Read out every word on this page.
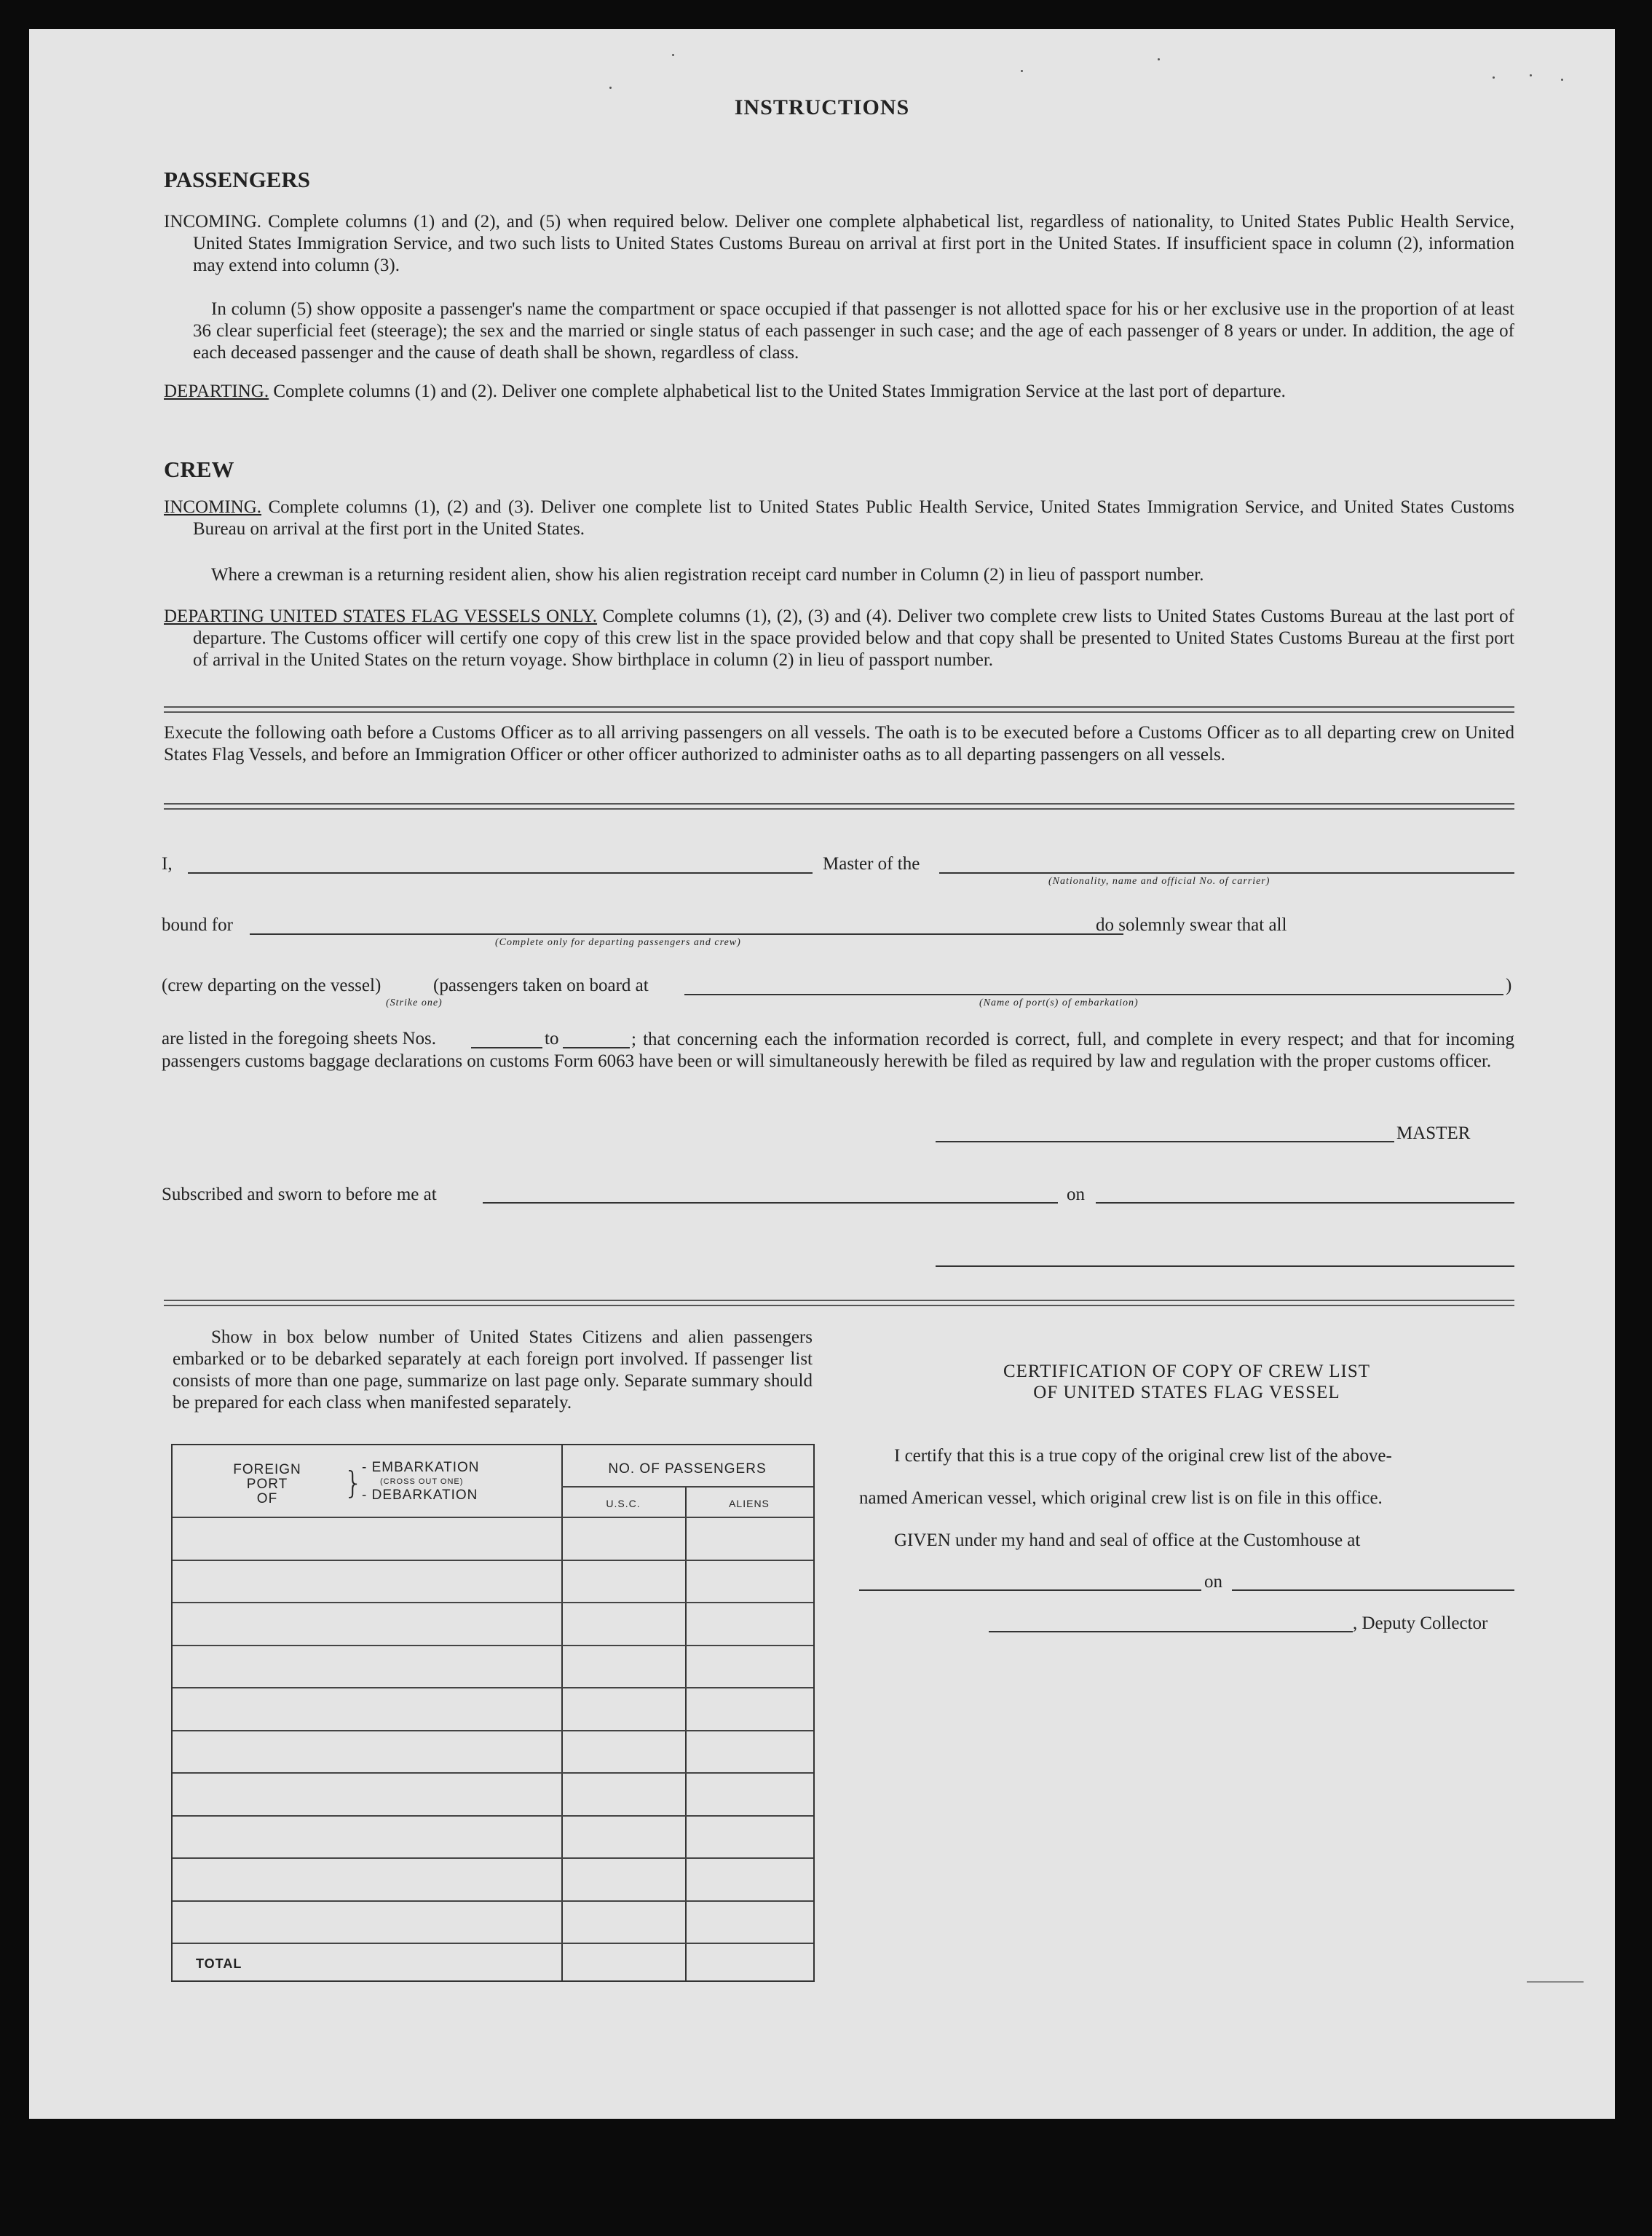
INSTRUCTIONS
PASSENGERS
INCOMING. Complete columns (1) and (2), and (5) when required below. Deliver one complete alphabetical list, regardless of nationality, to United States Public Health Service, United States Immigration Service, and two such lists to United States Customs Bureau on arrival at first port in the United States. If insufficient space in column (2), information may extend into column (3).
In column (5) show opposite a passenger's name the compartment or space occupied if that passenger is not allotted space for his or her exclusive use in the proportion of at least 36 clear superficial feet (steerage); the sex and the married or single status of each passenger in such case; and the age of each passenger of 8 years or under. In addition, the age of each deceased passenger and the cause of death shall be shown, regardless of class.
DEPARTING. Complete columns (1) and (2). Deliver one complete alphabetical list to the United States Immigration Service at the last port of departure.
CREW
INCOMING. Complete columns (1), (2) and (3). Deliver one complete list to United States Public Health Service, United States Immigration Service, and United States Customs Bureau on arrival at the first port in the United States.
Where a crewman is a returning resident alien, show his alien registration receipt card number in Column (2) in lieu of passport number.
DEPARTING UNITED STATES FLAG VESSELS ONLY. Complete columns (1), (2), (3) and (4). Deliver two complete crew lists to United States Customs Bureau at the last port of departure. The Customs officer will certify one copy of this crew list in the space provided below and that copy shall be presented to United States Customs Bureau at the first port of arrival in the United States on the return voyage. Show birthplace in column (2) in lieu of passport number.
Execute the following oath before a Customs Officer as to all arriving passengers on all vessels. The oath is to be executed before a Customs Officer as to all departing crew on United States Flag Vessels, and before an Immigration Officer or other officer authorized to administer oaths as to all departing passengers on all vessels.
I,	Master of the
(Nationality, name and official No. of carrier)
bound for	do solemnly swear that all
(Complete only for departing passengers and crew)
(crew departing on the vessel)	(passengers taken on board at	)
(Strike one)	(Name of port(s) of embarkation)
are listed in the foregoing sheets Nos.	to	; that concerning each the information recorded is correct, full, and complete in every respect; and that for incoming passengers customs baggage declarations on customs Form 6063 have been or will simultaneously herewith be filed as required by law and regulation with the proper customs officer.
MASTER
Subscribed and sworn to before me at	on
Show in box below number of United States Citizens and alien passengers embarked or to be debarked separately at each foreign port involved. If passenger list consists of more than one page, summarize on last page only. Separate summary should be prepared for each class when manifested separately.
FOREIGN
PORT
OF	}
- EMBARKATION
(CROSS OUT ONE)
- DEBARKATION
NO. OF PASSENGERS
U.S.C.	ALIENS
TOTAL
CERTIFICATION OF COPY OF CREW LIST
OF UNITED STATES FLAG VESSEL
I certify that this is a true copy of the original crew list of the above-
named American vessel, which original crew list is on file in this office.
GIVEN under my hand and seal of office at the Customhouse at
on
, Deputy Collector
